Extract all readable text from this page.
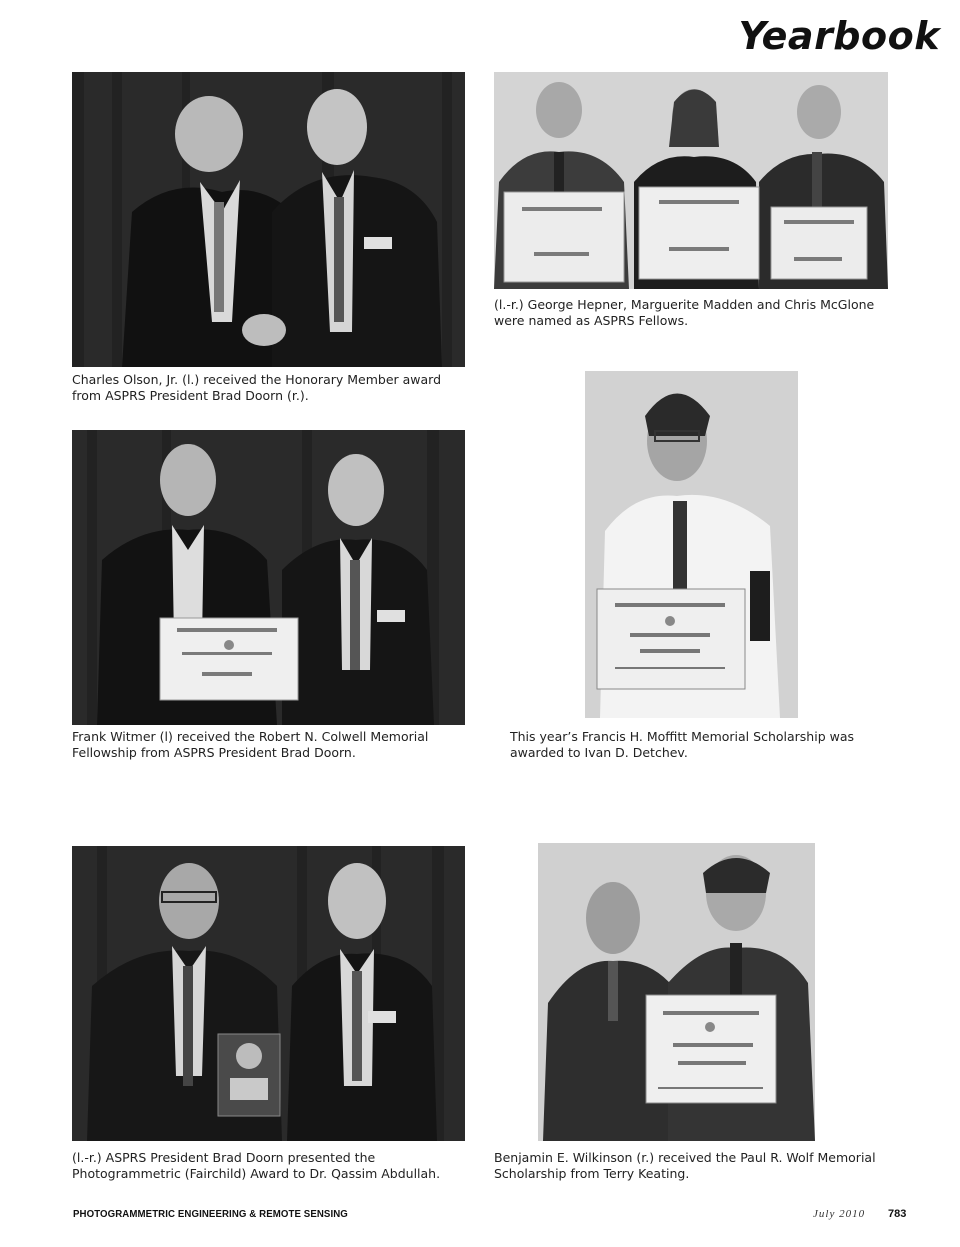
Yearbook
Charles Olson, Jr. (l.) received the Honorary Member award from ASPRS President Brad Doorn (r.).
(l.-r.) George Hepner, Marguerite Madden and Chris McGlone were named as ASPRS Fellows.
Frank Witmer (l) received the Robert N. Colwell Memorial Fellowship from ASPRS President Brad Doorn.
This year’s Francis H. Moffitt Memorial Scholarship was awarded to Ivan D. Detchev.
(l.-r.) ASPRS President Brad Doorn presented the Photogrammetric (Fairchild) Award to Dr. Qassim Abdullah.
Benjamin E. Wilkinson (r.) received the Paul R. Wolf Memorial Scholarship from Terry Keating.
PHOTOGRAMMETRIC ENGINEERING & REMOTE SENSING	July 2010 783
